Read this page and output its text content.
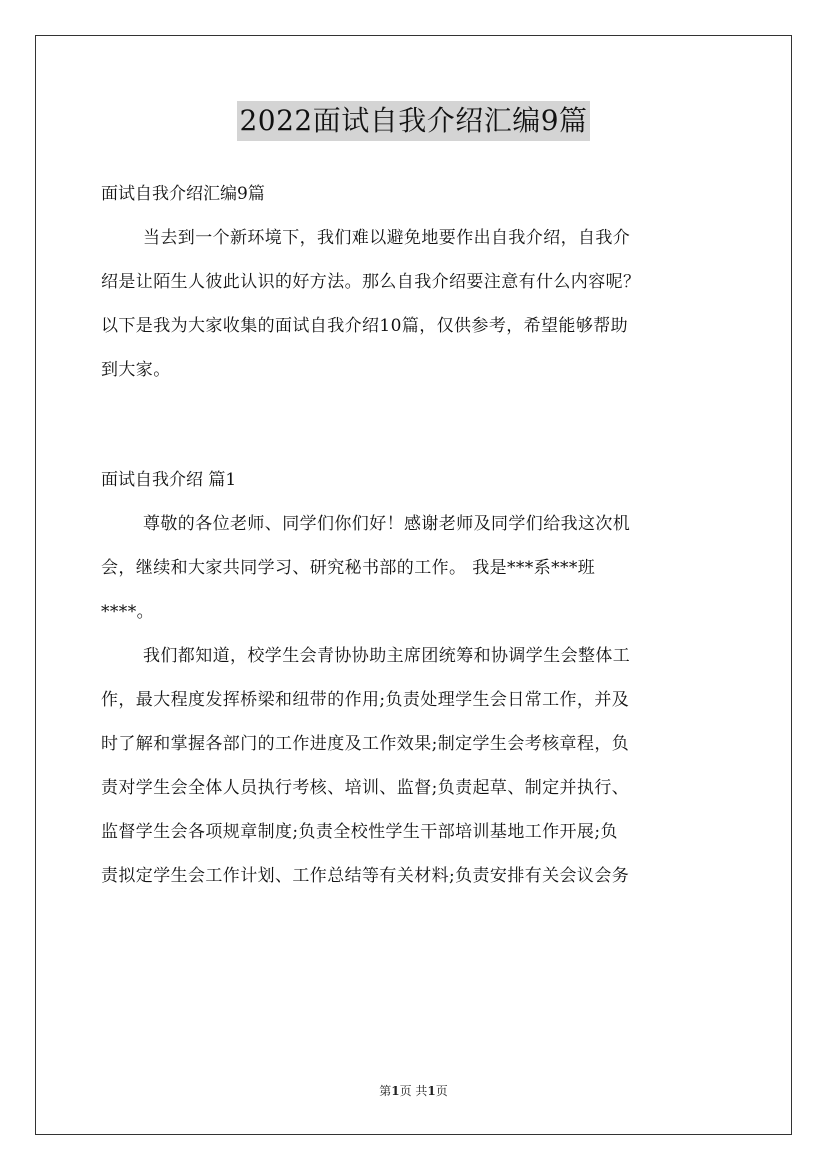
2022面试自我介绍汇编9篇

面试自我介绍汇编9篇

当去到一个新环境下，我们难以避免地要作出自我介绍，自我介
绍是让陌生人彼此认识的好方法。那么自我介绍要注意有什么内容呢？
以下是我为大家收集的面试自我介绍10篇，仅供参考，希望能够帮助
到大家。

面试自我介绍 篇1

尊敬的各位老师、同学们你们好！感谢老师及同学们给我这次机
会，继续和大家共同学习、研究秘书部的工作。 我是***系***班
****。

我们都知道，校学生会青协协助主席团统筹和协调学生会整体工
作，最大程度发挥桥梁和纽带的作用;负责处理学生会日常工作，并及
时了解和掌握各部门的工作进度及工作效果;制定学生会考核章程，负
责对学生会全体人员执行考核、培训、监督;负责起草、制定并执行、
监督学生会各项规章制度;负责全校性学生干部培训基地工作开展;负
责拟定学生会工作计划、工作总结等有关材料;负责安排有关会议会务

第1页 共1页
